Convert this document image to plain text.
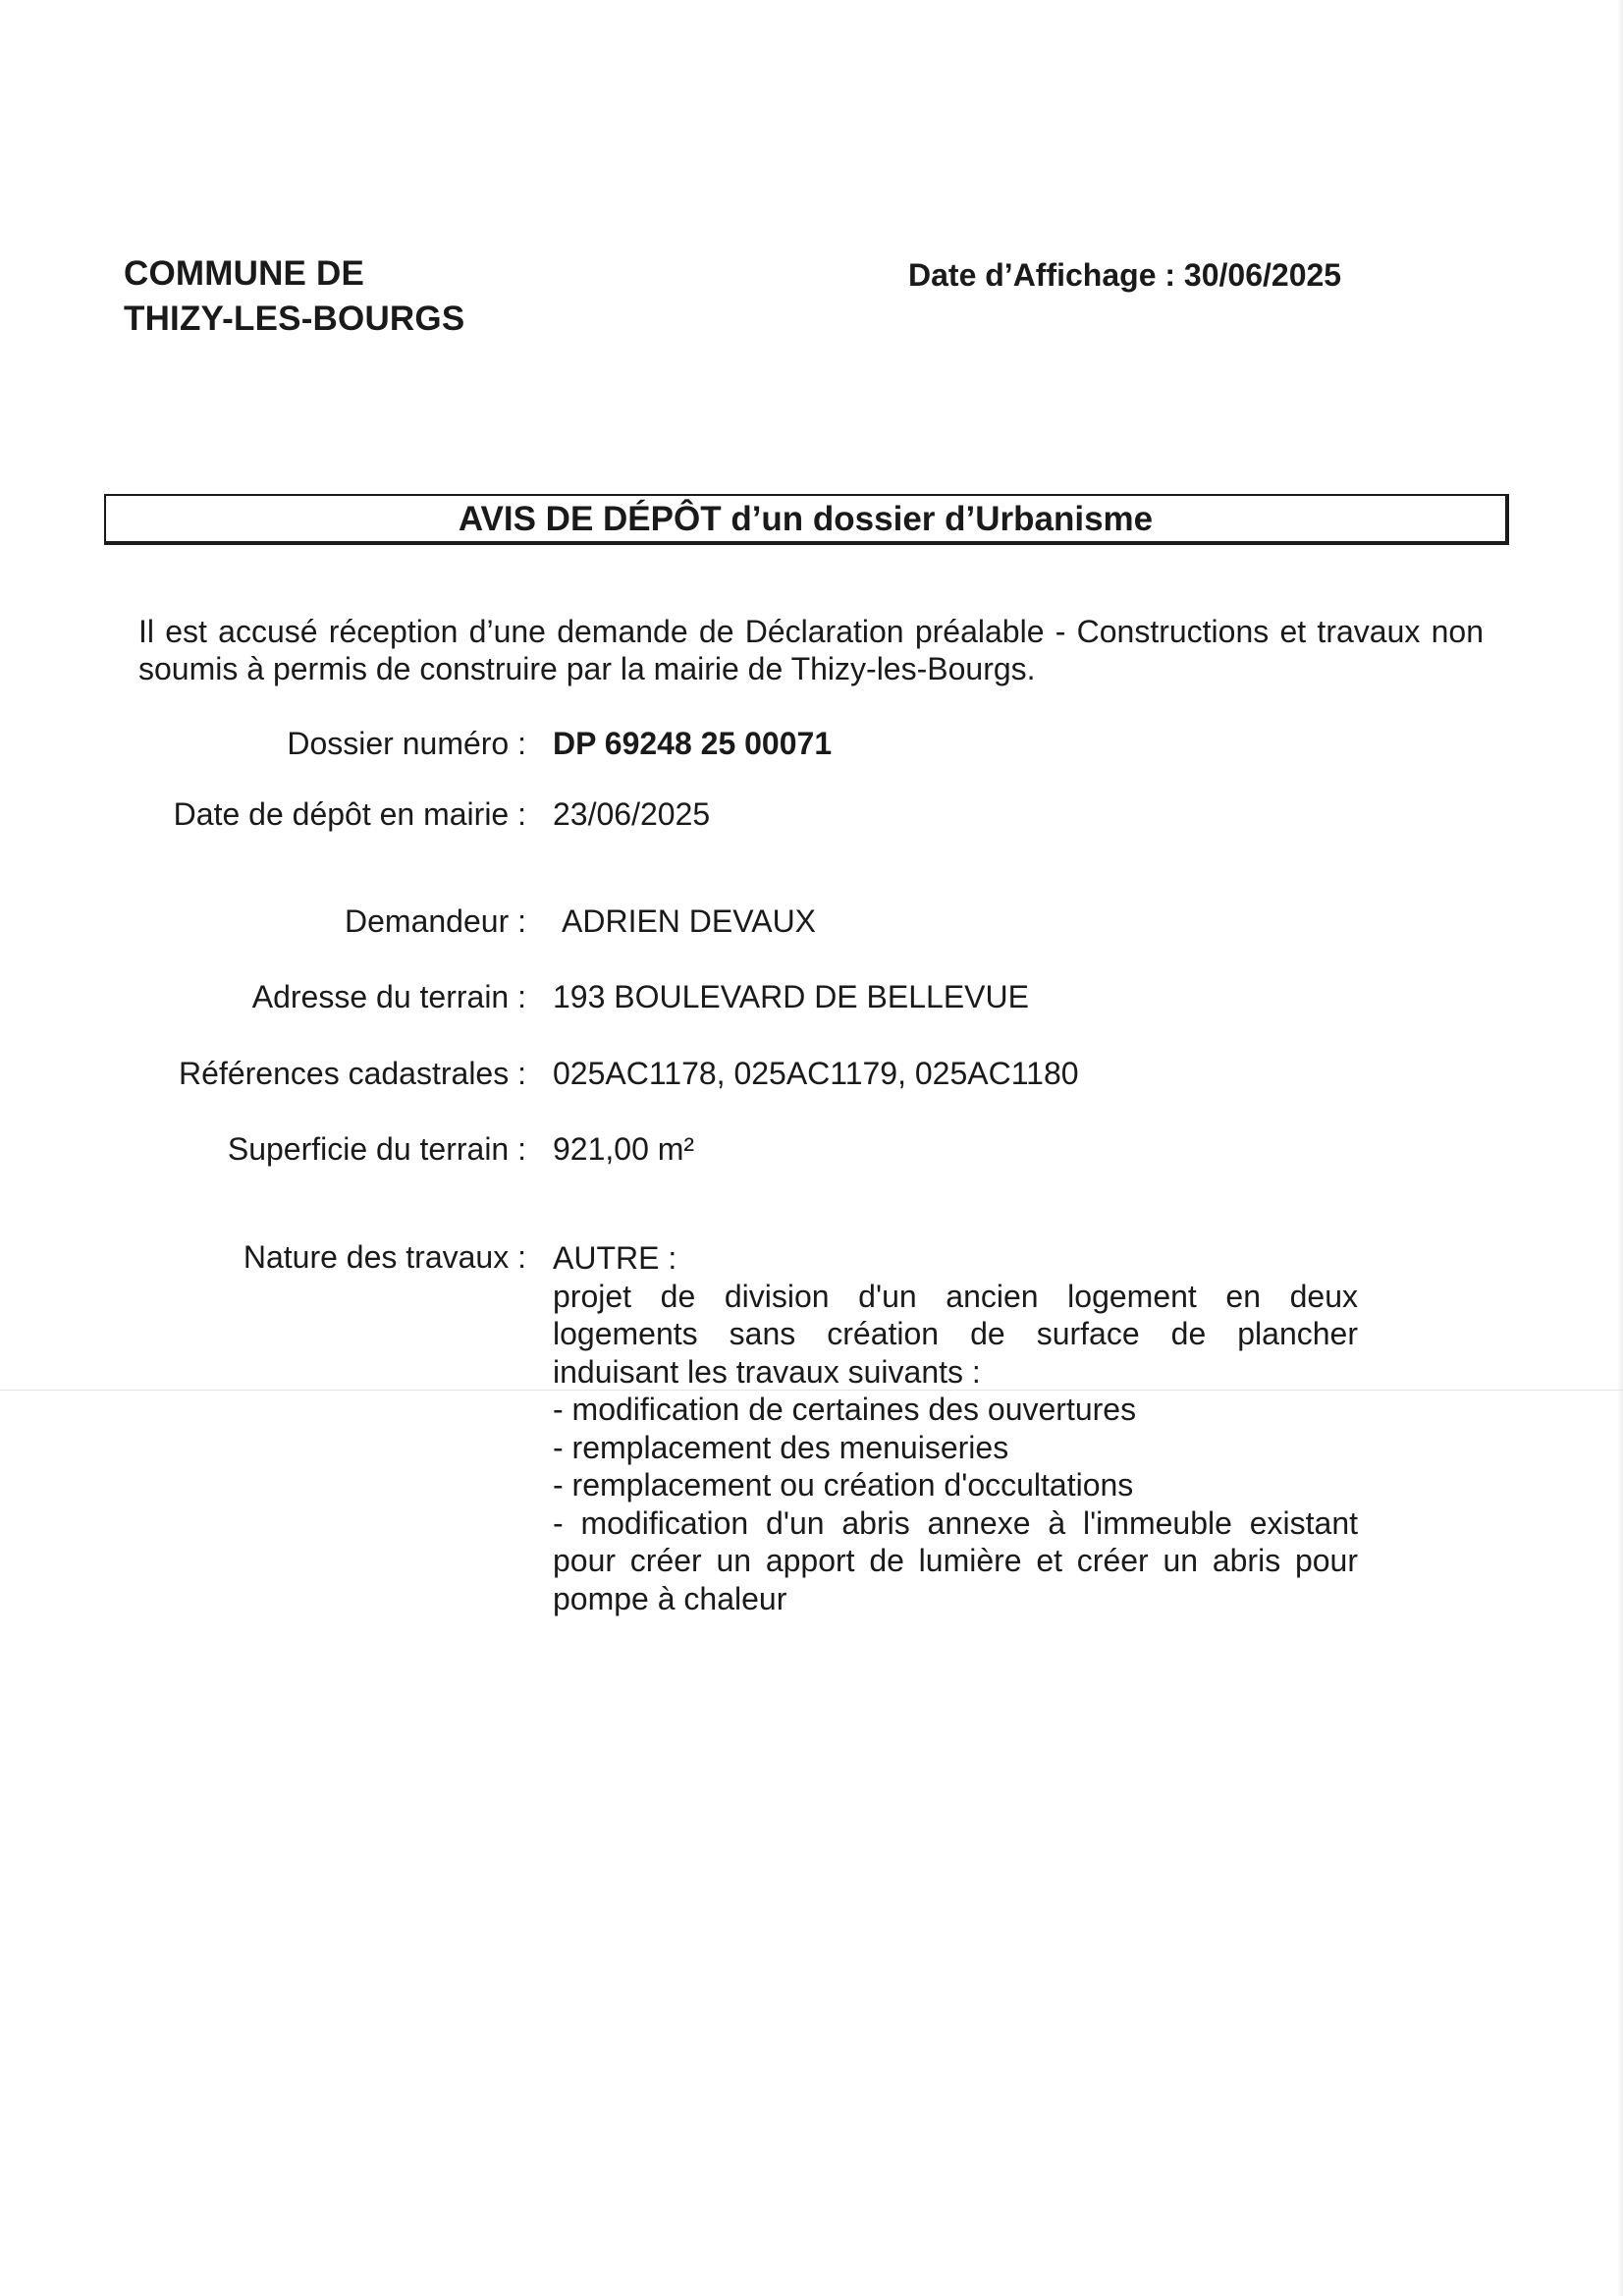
COMMUNE DE
THIZY-LES-BOURGS
Date d’Affichage : 30/06/2025
AVIS DE DÉPÔT d’un dossier d’Urbanisme
Il est accusé réception d’une demande de Déclaration préalable - Constructions et travaux non soumis à permis de construire par la mairie de Thizy-les-Bourgs.
Dossier numéro : DP 69248 25 00071
Date de dépôt en mairie : 23/06/2025
Demandeur : ADRIEN DEVAUX
Adresse du terrain : 193 BOULEVARD DE BELLEVUE
Références cadastrales : 025AC1178, 025AC1179, 025AC1180
Superficie du terrain : 921,00 m²
Nature des travaux : AUTRE :
projet de division d'un ancien logement en deux
logements sans création de surface de plancher
induisant les travaux suivants :
- modification de certaines des ouvertures
- remplacement des menuiseries
- remplacement ou création d'occultations
- modification d'un abris annexe à l'immeuble existant
pour créer un apport de lumière et créer un abris pour
pompe à chaleur
